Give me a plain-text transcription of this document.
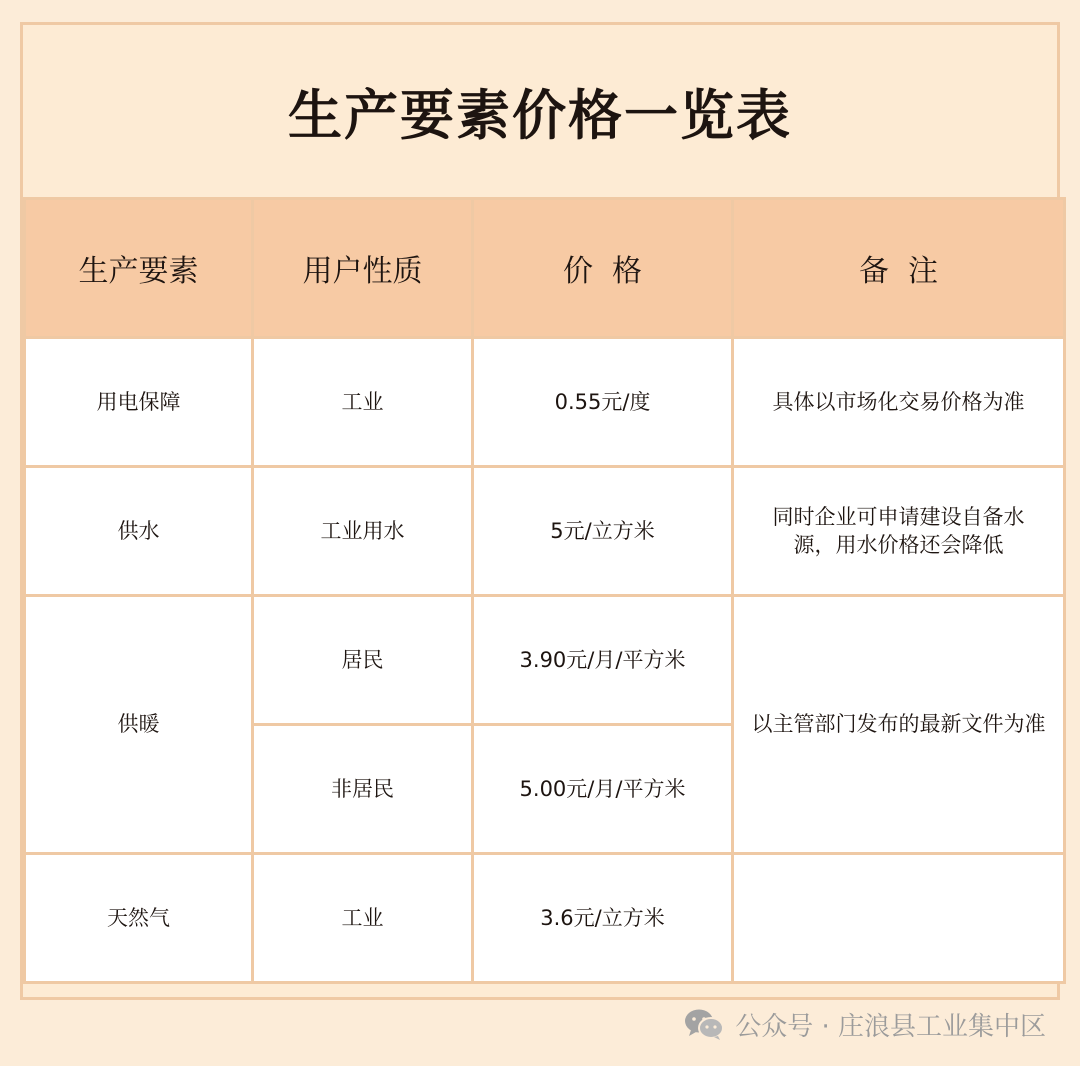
生产要素价格一览表
生产要素	用户性质	价  格	备  注
用电保障	工业	0.55元/度	具体以市场化交易价格为准
供水	工业用水	5元/立方米	同时企业可申请建设自备水源，用水价格还会降低
供暖	居民	3.90元/月/平方米	以主管部门发布的最新文件为准
	非居民	5.00元/月/平方米	
天然气	工业	3.6元/立方米	
公众号 · 庄浪县工业集中区
